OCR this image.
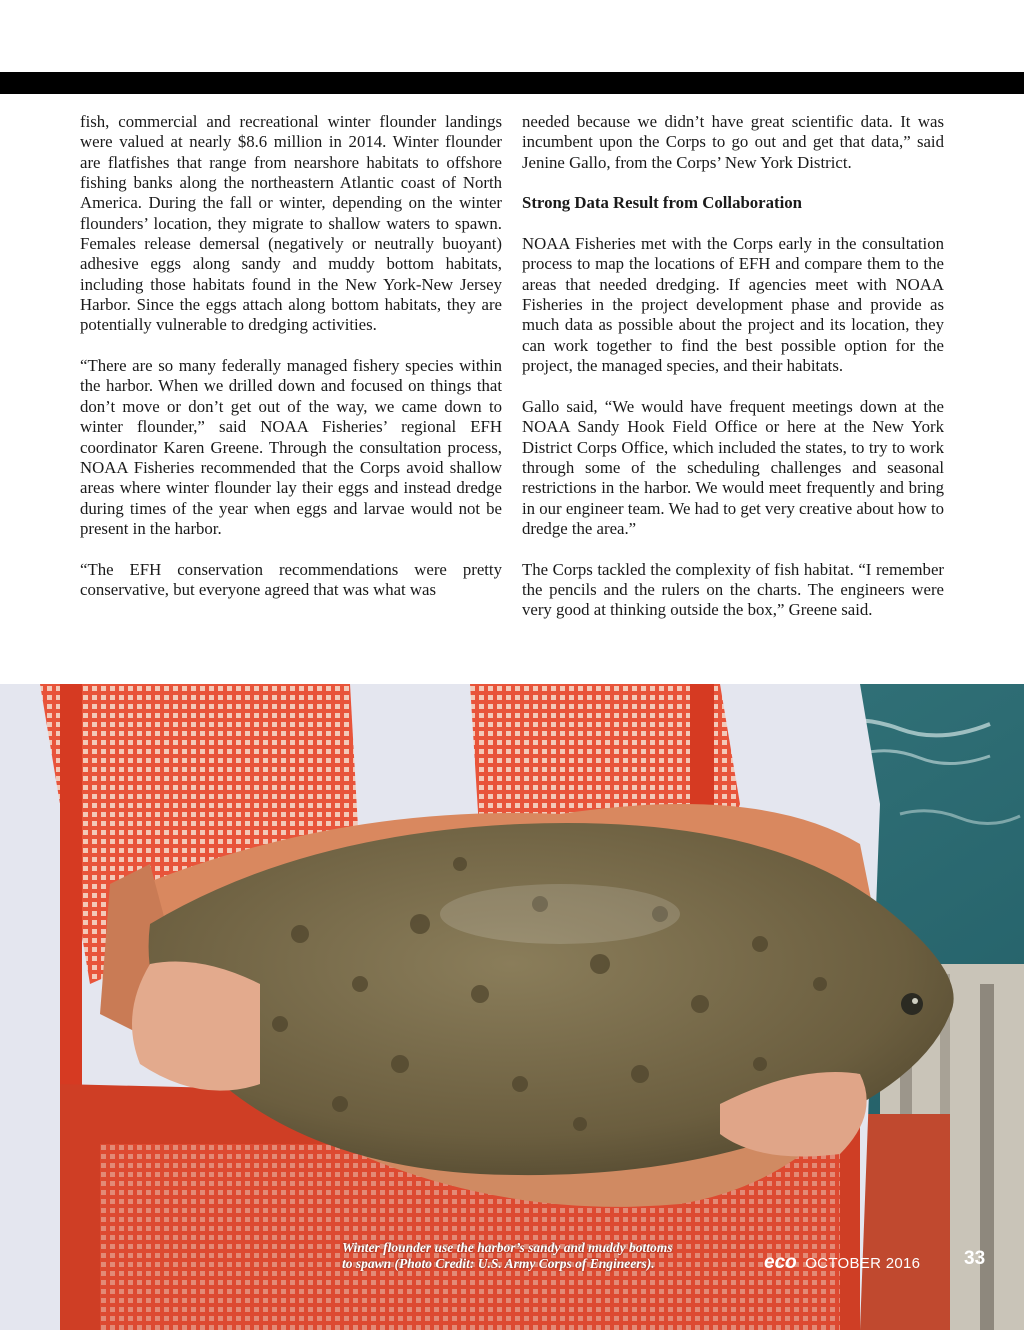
fish, commercial and recreational winter flounder landings were valued at nearly $8.6 million in 2014. Winter flounder are flatfishes that range from nearshore habitats to offshore fishing banks along the northeastern Atlantic coast of North America. During the fall or winter, depending on the winter flounders’ location, they migrate to shallow waters to spawn. Females release demersal (negatively or neutrally buoyant) adhesive eggs along sandy and muddy bottom habitats, including those habitats found in the New York-New Jersey Harbor. Since the eggs attach along bottom habitats, they are potentially vulnerable to dredging activities.

“There are so many federally managed fishery species within the harbor. When we drilled down and focused on things that don’t move or don’t get out of the way, we came down to winter flounder,” said NOAA Fisheries’ regional EFH coordinator Karen Greene. Through the consultation process, NOAA Fisheries recommended that the Corps avoid shallow areas where winter flounder lay their eggs and instead dredge during times of the year when eggs and larvae would not be present in the harbor.

“The EFH conservation recommendations were pretty conservative, but everyone agreed that was what was

needed because we didn’t have great scientific data. It was incumbent upon the Corps to go out and get that data,” said Jenine Gallo, from the Corps’ New York District.

Strong Data Result from Collaboration

NOAA Fisheries met with the Corps early in the consultation process to map the locations of EFH and compare them to the areas that needed dredging. If agencies meet with NOAA Fisheries in the project development phase and provide as much data as possible about the project and its location, they can work together to find the best possible option for the project, the managed species, and their habitats.

Gallo said, “We would have frequent meetings down at the NOAA Sandy Hook Field Office or here at the New York District Corps Office, which included the states, to try to work through some of the scheduling challenges and seasonal restrictions in the harbor. We would meet frequently and bring in our engineer team. We had to get very creative about how to dredge the area.”

The Corps tackled the complexity of fish habitat. “I remember the pencils and the rulers on the charts. The engineers were very good at thinking outside the box,” Greene said.

Winter flounder use the harbor’s sandy and muddy bottoms
to spawn (Photo Credit: U.S. Army Corps of Engineers).	eco OCTOBER 2016 33
